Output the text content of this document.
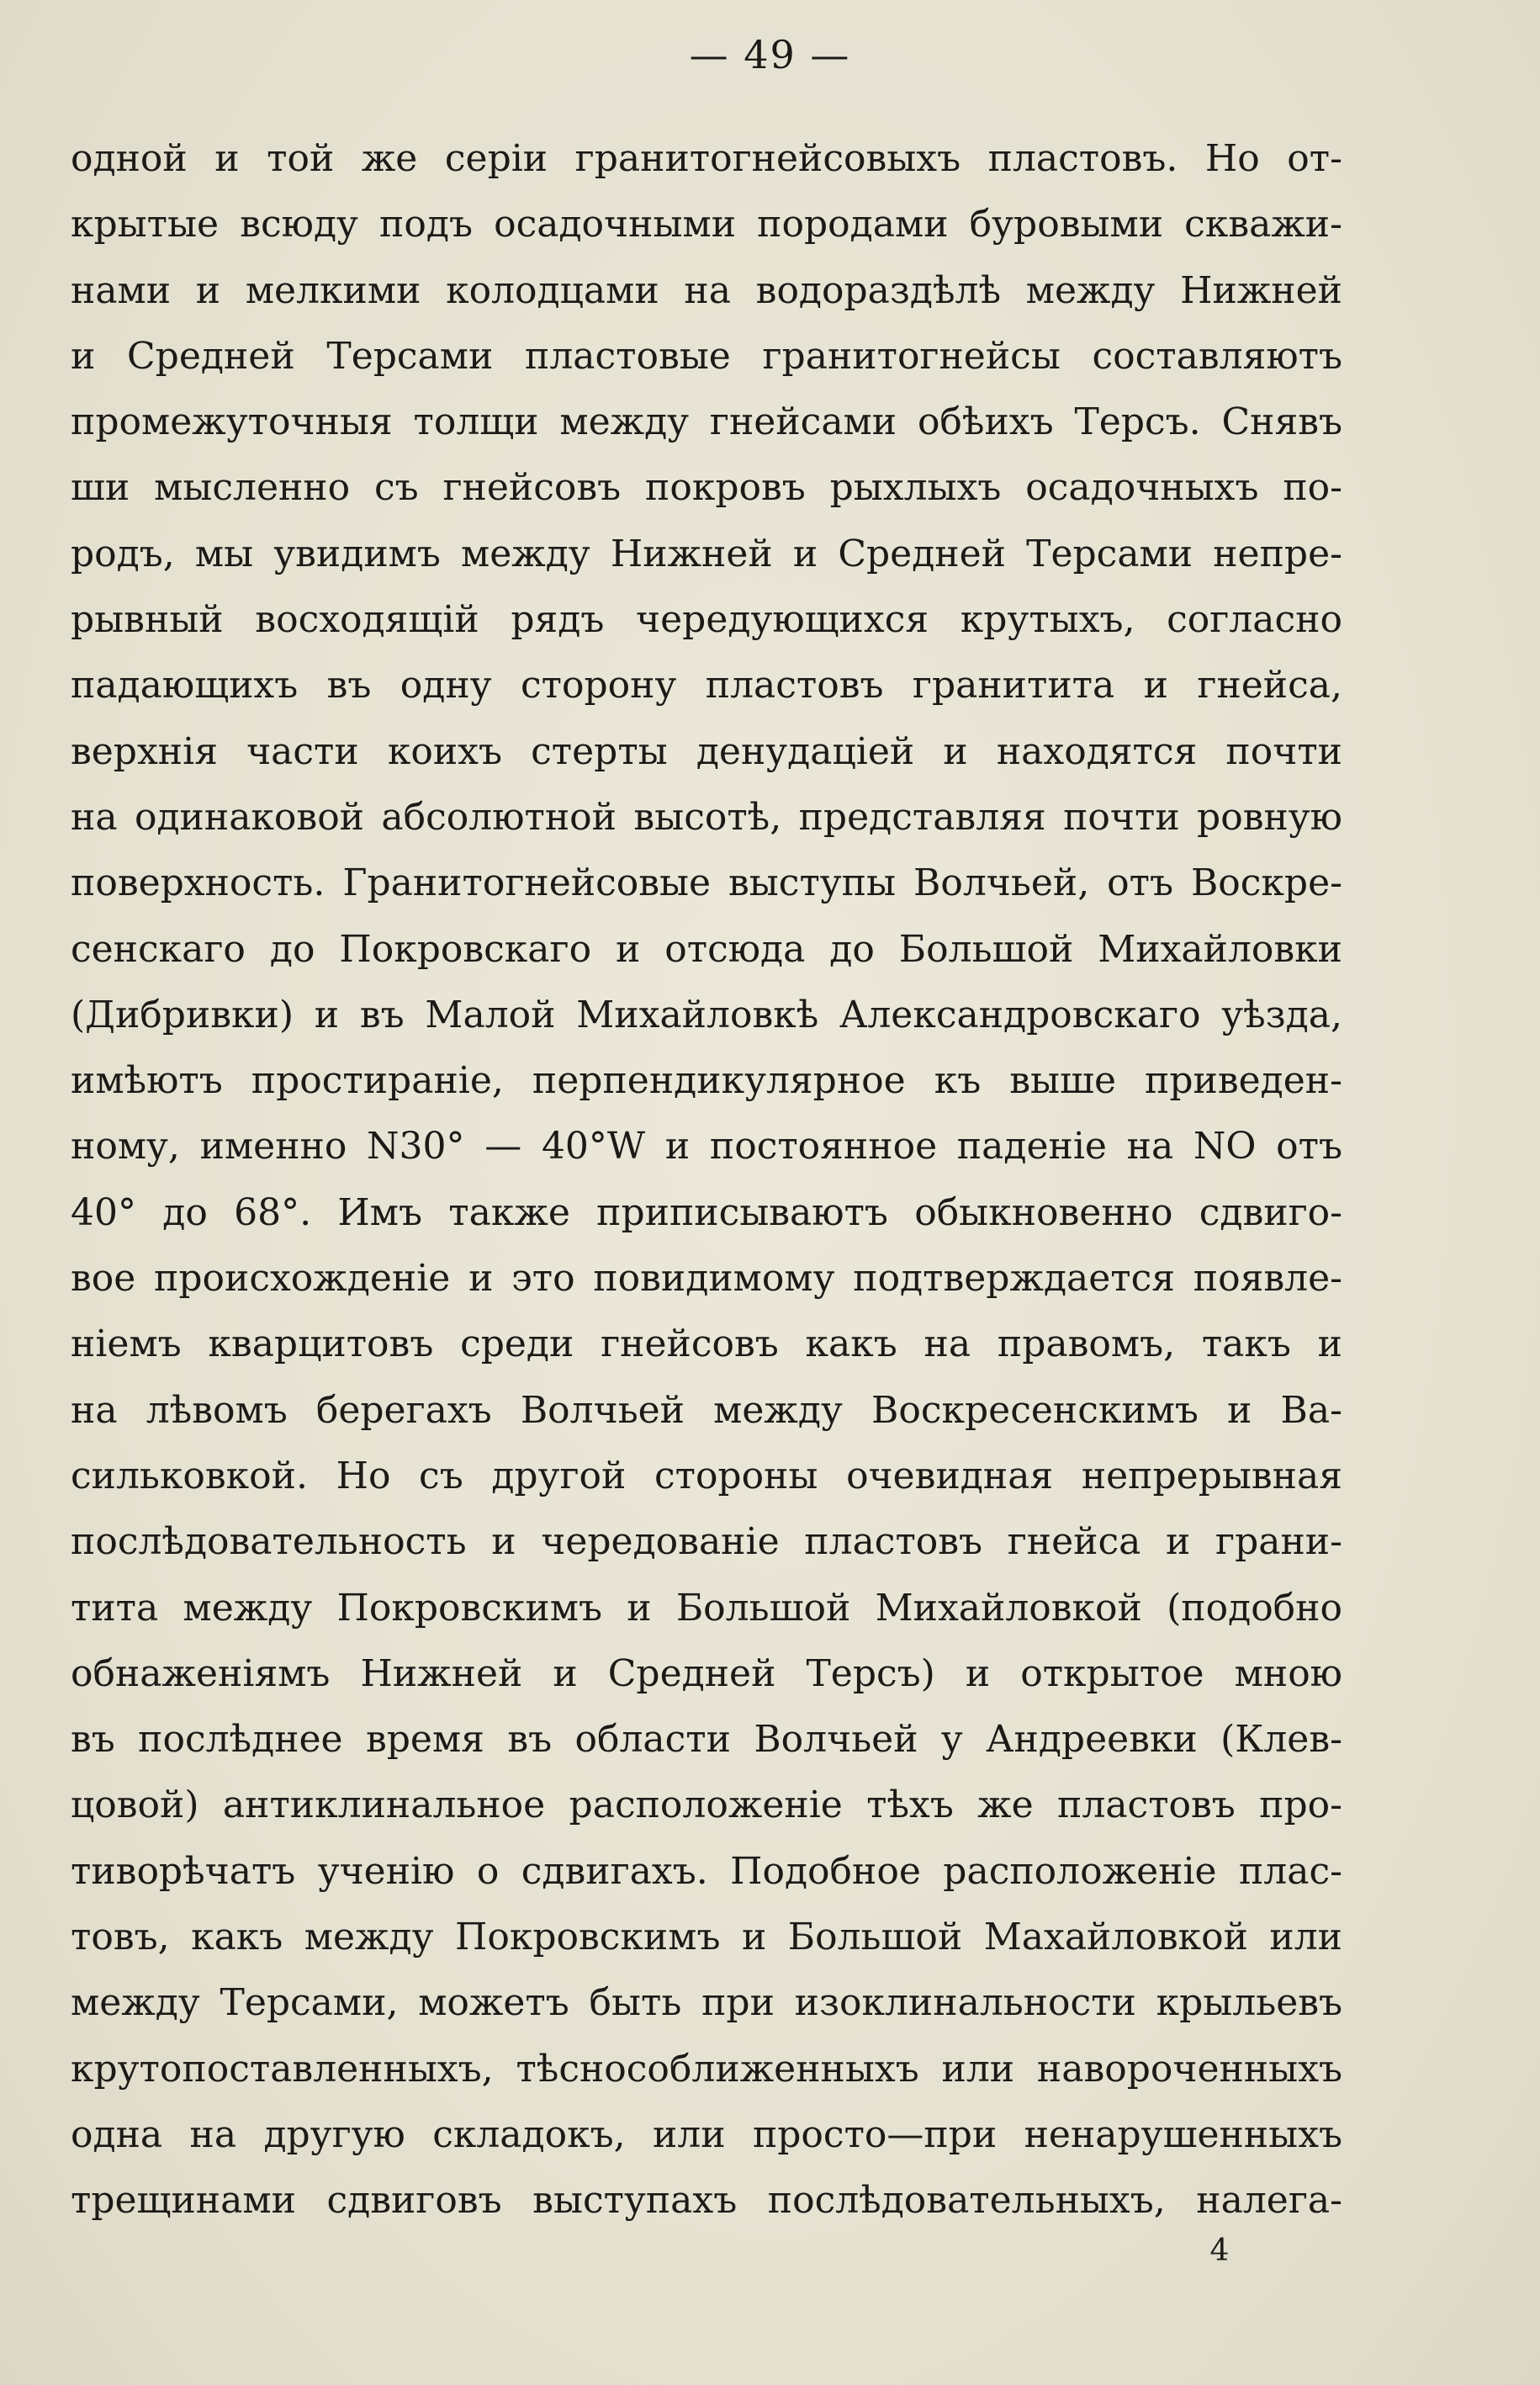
— 49 —
одной и той же серіи гранитогнейсовыхъ пластовъ. Но от-
крытые всюду подъ осадочными породами буровыми скважи-
нами и мелкими колодцами на водораздѣлѣ между Нижней
и Средней Терсами пластовые гранитогнейсы составляютъ
промежуточныя толщи между гнейсами обѣихъ Терсъ. Снявъ
ши мысленно съ гнейсовъ покровъ рыхлыхъ осадочныхъ по-
родъ, мы увидимъ между Нижней и Средней Терсами непре-
рывный восходящій рядъ чередующихся крутыхъ, согласно
падающихъ въ одну сторону пластовъ гранитита и гнейса,
верхнія части коихъ стерты денудаціей и находятся почти
на одинаковой абсолютной высотѣ, представляя почти ровную
поверхность. Гранитогнейсовые выступы Волчьей, отъ Воскре-
сенскаго до Покровскаго и отсюда до Большой Михайловки
(Дибривки) и въ Малой Михайловкѣ Александровскаго уѣзда,
имѣютъ простираніе, перпендикулярное къ выше приведен-
ному, именно N30° — 40°W и постоянное паденіе на NO отъ
40° до 68°. Имъ также приписываютъ обыкновенно сдвиго-
вое происхожденіе и это повидимому подтверждается появле-
ніемъ кварцитовъ среди гнейсовъ какъ на правомъ, такъ и
на лѣвомъ берегахъ Волчьей между Воскресенскимъ и Ва-
сильковкой. Но съ другой стороны очевидная непрерывная
послѣдовательность и чередованіе пластовъ гнейса и грани-
тита между Покровскимъ и Большой Михайловкой (подобно
обнаженіямъ Нижней и Средней Терсъ) и открытое мною
въ послѣднее время въ области Волчьей у Андреевки (Клев-
цовой) антиклинальное расположеніе тѣхъ же пластовъ про-
тиворѣчатъ ученію о сдвигахъ. Подобное расположеніе плас-
товъ, какъ между Покровскимъ и Большой Махайловкой или
между Терсами, можетъ быть при изоклинальности крыльевъ
крутопоставленныхъ, тѣсносоближенныхъ или навороченныхъ
одна на другую складокъ, или просто—при ненарушенныхъ
трещинами сдвиговъ выступахъ послѣдовательныхъ, налега-
4
